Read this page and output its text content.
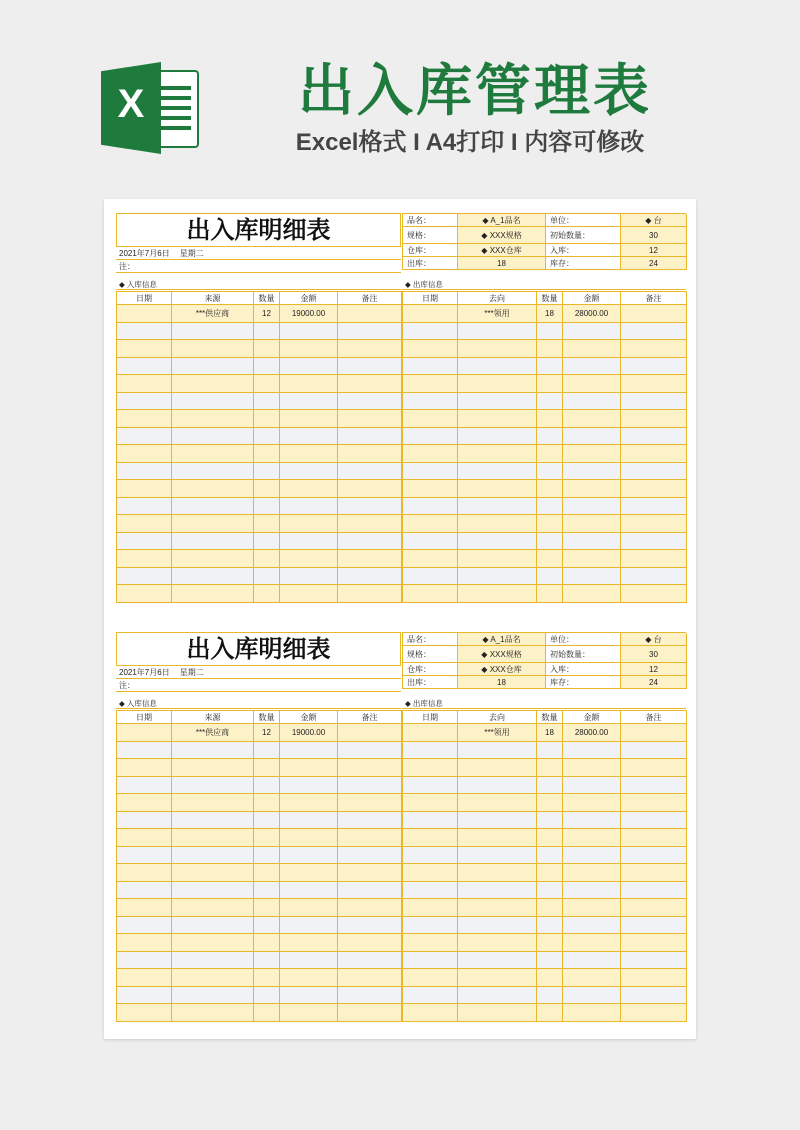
X	出入库管理表
Excel格式 I A4打印 I 内容可修改
出入库明细表
2021年7月6日 星期二
注：
品名：	◆ A_1品名	单位：	◆ 台
规格：	◆ XXX规格	初始数量：	30
仓库：	◆ XXX仓库	入库：	12
出库：	18	库存：	24
◆ 入库信息	◆ 出库信息
日期	来源	数量	金额	备注
	***供应商	12	19000.00	

日期	去向	数量	金额	备注
	***领用	18	28000.00	

出入库明细表
2021年7月6日 星期二
注：
品名：	◆ A_1品名	单位：	◆ 台
规格：	◆ XXX规格	初始数量：	30
仓库：	◆ XXX仓库	入库：	12
出库：	18	库存：	24
◆ 入库信息	◆ 出库信息
日期	来源	数量	金额	备注
	***供应商	12	19000.00	

日期	去向	数量	金额	备注
	***领用	18	28000.00	
